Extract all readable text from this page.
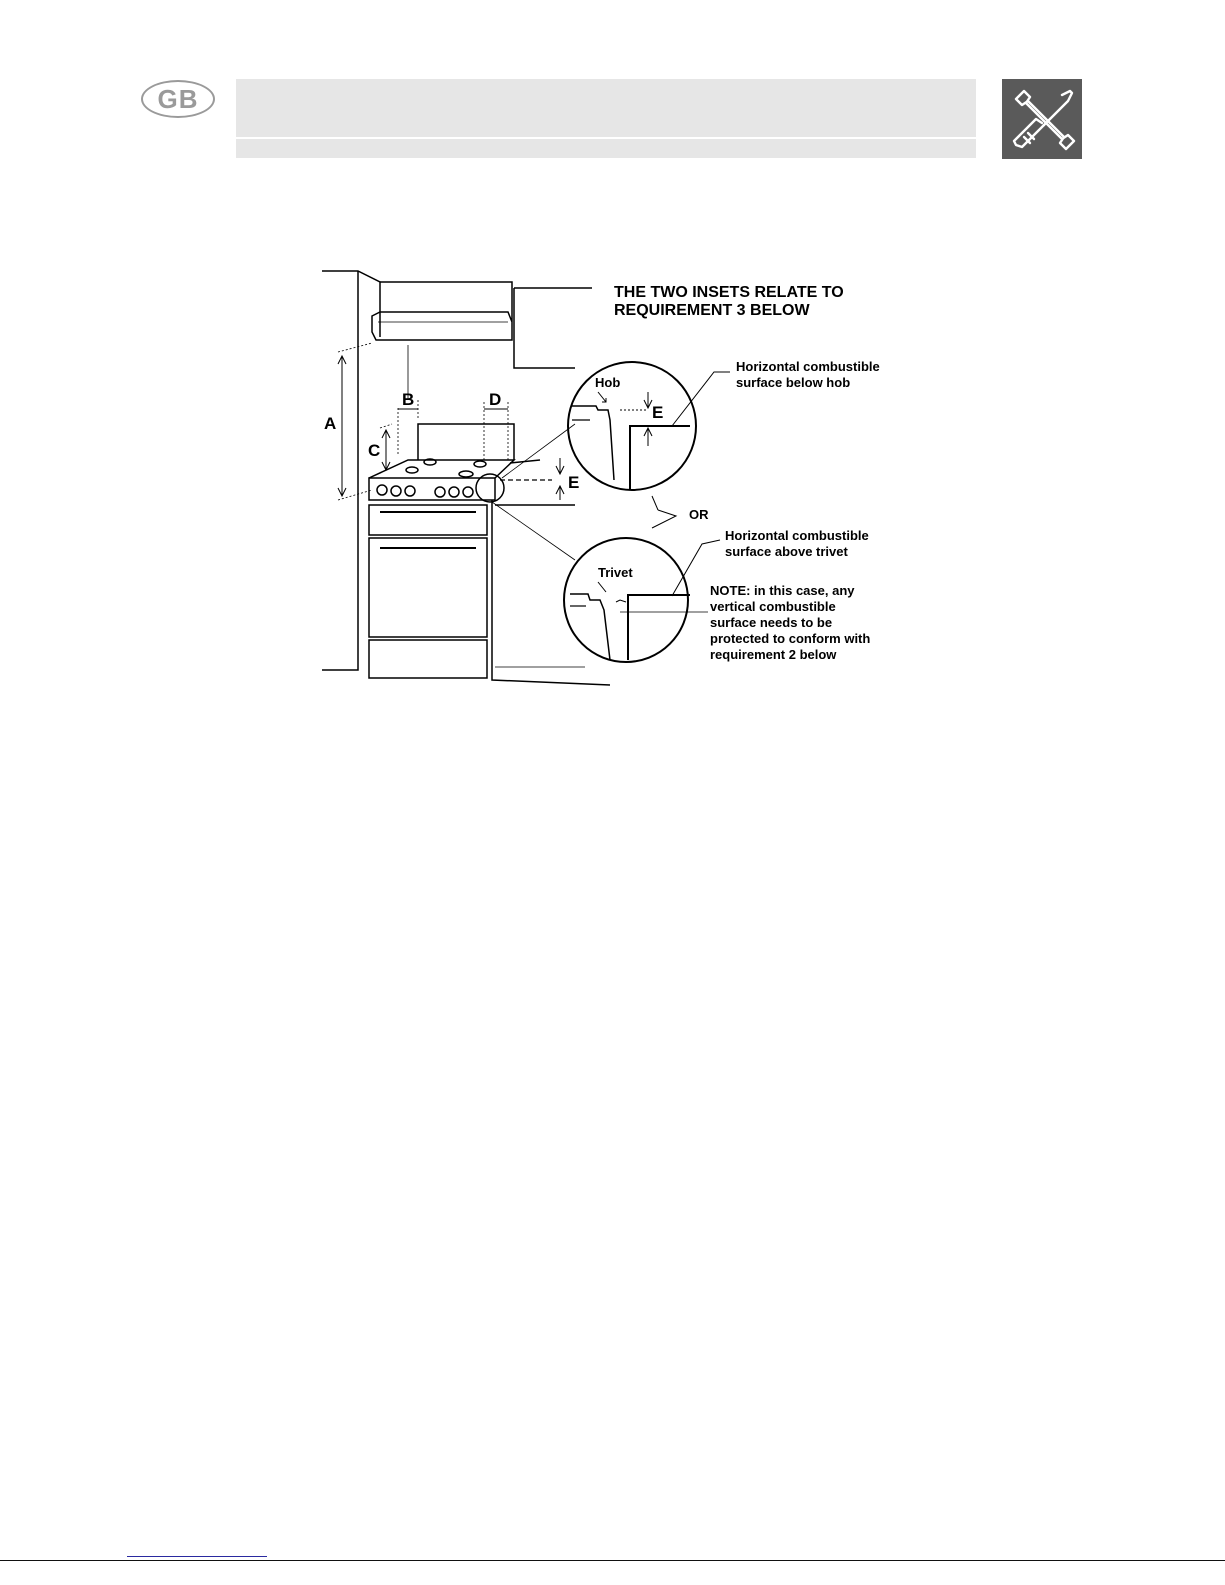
GB
THE TWO INSETS RELATE TO
REQUIREMENT 3 BELOW
A
B
C
D
E
Hob
E
Horizontal combustible
surface below hob
OR
Horizontal combustible
surface above trivet
Trivet
NOTE: in this case, any
vertical combustible
surface needs to be
protected to conform with
requirement 2 below
